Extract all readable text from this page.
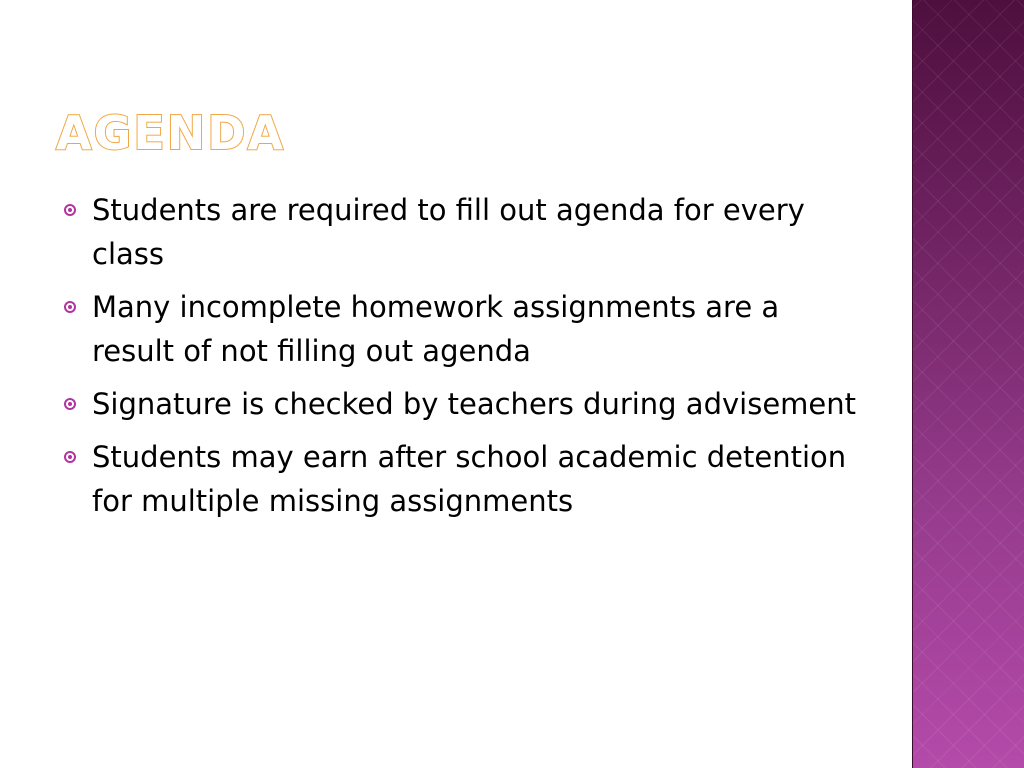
AGENDA
Students are required to fill out agenda for every class
Many incomplete homework assignments are a result of not filling out agenda
Signature is checked by teachers during advisement
Students may earn after school academic detention for multiple missing assignments
